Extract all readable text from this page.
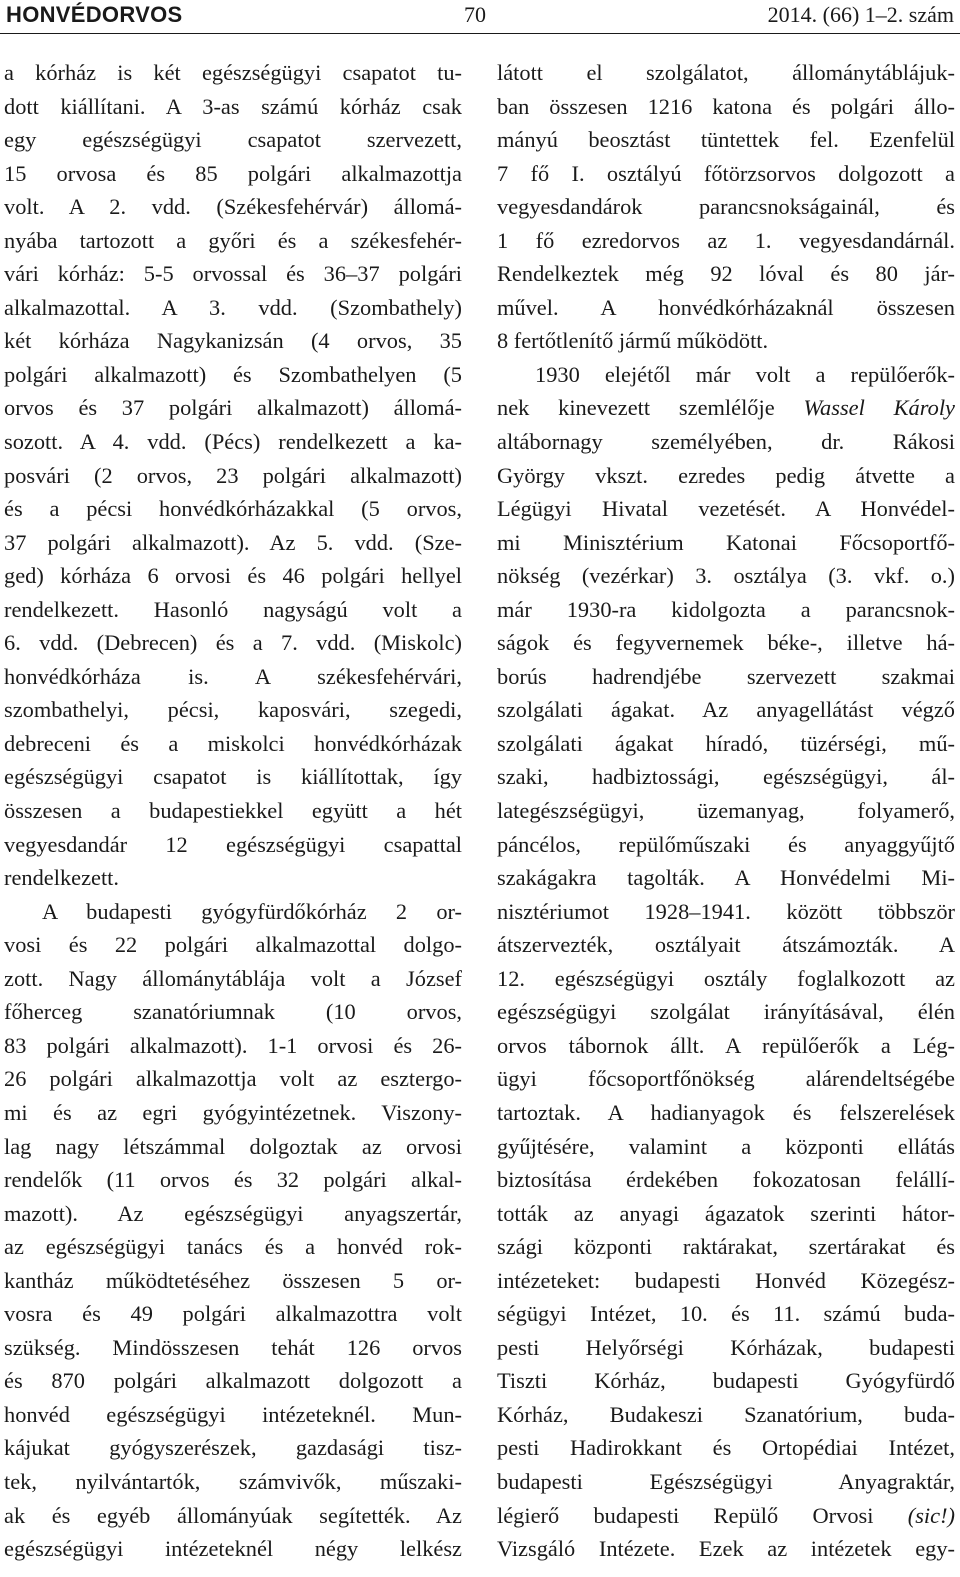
HONVÉDORVOS	70	2014. (66) 1–2. szám
a kórház is két egészségügyi csapatot tu-
dott kiállítani. A 3-as számú kórház csak
egy egészségügyi csapatot szervezett,
15 orvosa és 85 polgári alkalmazottja
volt. A 2. vdd. (Székesfehérvár) állomá-
nyába tartozott a győri és a székesfehér-
vári kórház: 5-5 orvossal és 36–37 polgári
alkalmazottal. A 3. vdd. (Szombathely)
két kórháza Nagykanizsán (4 orvos, 35
polgári alkalmazott) és Szombathelyen (5
orvos és 37 polgári alkalmazott) állomá-
sozott. A 4. vdd. (Pécs) rendelkezett a ka-
posvári (2 orvos, 23 polgári alkalmazott)
és a pécsi honvédkórházakkal (5 orvos,
37 polgári alkalmazott). Az 5. vdd. (Sze-
ged) kórháza 6 orvosi és 46 polgári hellyel
rendelkezett. Hasonló nagyságú volt a
6. vdd. (Debrecen) és a 7. vdd. (Miskolc)
honvédkórháza is. A székesfehérvári,
szombathelyi, pécsi, kaposvári, szegedi,
debreceni és a miskolci honvédkórházak
egészségügyi csapatot is kiállítottak, így
összesen a budapestiekkel együtt a hét
vegyesdandár 12 egészségügyi csapattal
rendelkezett.
A budapesti gyógyfürdőkórház 2 or-
vosi és 22 polgári alkalmazottal dolgo-
zott. Nagy állománytáblája volt a József
főherceg szanatóriumnak (10 orvos,
83 polgári alkalmazott). 1-1 orvosi és 26-
26 polgári alkalmazottja volt az esztergo-
mi és az egri gyógyintézetnek. Viszony-
lag nagy létszámmal dolgoztak az orvosi
rendelők (11 orvos és 32 polgári alkal-
mazott). Az egészségügyi anyagszertár,
az egészségügyi tanács és a honvéd rok-
kantház működtetéséhez összesen 5 or-
vosra és 49 polgári alkalmazottra volt
szükség. Mindösszesen tehát 126 orvos
és 870 polgári alkalmazott dolgozott a
honvéd egészségügyi intézeteknél. Mun-
kájukat gyógyszerészek, gazdasági tisz-
tek, nyilvántartók, számvivők, műszaki-
ak és egyéb állományúak segítették. Az
egészségügyi intézeteknél négy lelkész
látott el szolgálatot, állománytáblájuk-
ban összesen 1216 katona és polgári állo-
mányú beosztást tüntettek fel. Ezenfelül
7 fő I. osztályú főtörzsorvos dolgozott a
vegyesdandárok parancsnokságainál, és
1 fő ezredorvos az 1. vegyesdandárnál.
Rendelkeztek még 92 lóval és 80 jár-
művel. A honvédkórházaknál összesen
8 fertőtlenítő jármű működött.
1930 elejétől már volt a repülőerők-
nek kinevezett szemlélője Wassel Károly
altábornagy személyében, dr. Rákosi
György vkszt. ezredes pedig átvette a
Légügyi Hivatal vezetését. A Honvédel-
mi Minisztérium Katonai Főcsoportfő-
nökség (vezérkar) 3. osztálya (3. vkf. o.)
már 1930-ra kidolgozta a parancsnok-
ságok és fegyvernemek béke-, illetve há-
borús hadrendjébe szervezett szakmai
szolgálati ágakat. Az anyagellátást végző
szolgálati ágakat híradó, tüzérségi, mű-
szaki, hadbiztossági, egészségügyi, ál-
lategészségügyi, üzemanyag, folyamerő,
páncélos, repülőműszaki és anyaggyűjtő
szakágakra tagolták. A Honvédelmi Mi-
nisztériumot 1928–1941. között többször
átszervezték, osztályait átszámozták. A
12. egészségügyi osztály foglalkozott az
egészségügyi szolgálat irányításával, élén
orvos tábornok állt. A repülőerők a Lég-
ügyi főcsoportfőnökség alárendeltségébe
tartoztak. A hadianyagok és felszerelések
gyűjtésére, valamint a központi ellátás
biztosítása érdekében fokozatosan felállí-
tották az anyagi ágazatok szerinti hátor-
szági központi raktárakat, szertárakat és
intézeteket: budapesti Honvéd Közegész-
ségügyi Intézet, 10. és 11. számú buda-
pesti Helyőrségi Kórházak, budapesti
Tiszti Kórház, budapesti Gyógyfürdő
Kórház, Budakeszi Szanatórium, buda-
pesti Hadirokkant és Ortopédiai Intézet,
budapesti Egészségügyi Anyagraktár,
légierő budapesti Repülő Orvosi (sic!)
Vizsgáló Intézete. Ezek az intézetek egy-
